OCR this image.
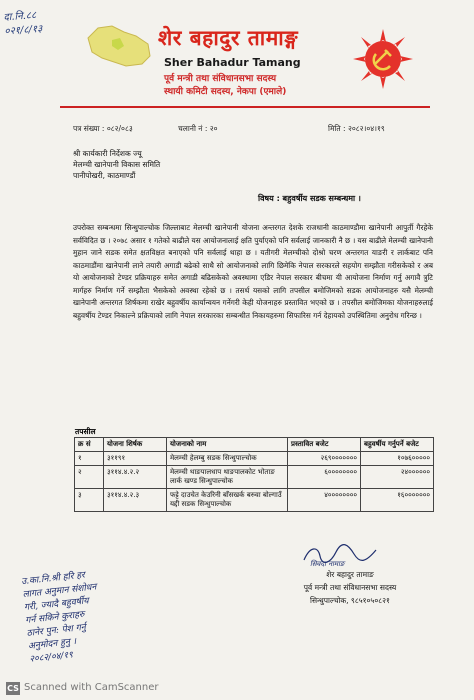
दा.नि.८८
०२१/८/१३	शेर बहादुर तामाङ्ग
Sher Bahadur Tamang
पूर्व मन्त्री तथा संविधानसभा सदस्य
स्थायी कमिटी सदस्य, नेकपा (एमाले)
पत्र संख्या : ०८२/०८३	चलानी नं : २०	मिति : २०८२।०४।१९
श्री कार्यकारी निर्देशक ज्यू
मेलम्ची खानेपानी विकास समिति
पानीपोखरी, काठमाण्डौं
विषय : बहुवर्षीय सडक सम्बन्धमा ।
उपरोक्त सम्बन्धमा सिन्धुपाल्चोक जिल्लाबाट मेलम्ची खानेपानी योजना अन्तरगत देशके राजधानी काठमाण्डौमा खानेपानी आपुर्ती गैरहेके सर्वविदित छ । २०७८ असार १ गतेको बाढीले यस आयोजनालाई क्षति पुर्याएको पनि सर्वलाई जानकारी नै छ । यस बाढीले मेलम्ची खानेपानी मुहान जाने सडक समेत क्षतविक्षत बनाएको पनि सर्वलाई थाहा छ । यतीगरी मेलम्चीको दोश्रो चरण अन्तरगत याङरी र लार्कबाट पनि काठमाडौंमा खानेपानी लाने तयारी अगाडी बढेको साथै सो आयोजनाको लागि छिमेकि नेपाल सरकारले सहयोग सम्झौता गरीसकेको र अब यो आयोजनाको टेण्डर प्रक्रियाहरु समेत अगाडी बढिसकेको अवस्थामा एडिर नेपाल सरकार बीचमा यी आयोजना निर्माण गर्नु अगावै त्रुटि मार्गहरु निर्माण गर्ने सम्झौता भैसकेको अवस्था रहेको छ । तसर्थ यसको लागि तपसील बमोजिमको सडक आयोजनाहरु यसै मेलम्ची खानेपानी अन्तरगत शिर्षकमा राखेर बहुवर्षीय कार्यान्वयन गर्नेगरी केही योजनाहरु प्रस्तावित भएको छ । तपसील बमोजिमका योजनाहरुलाई बहुवर्षीय टेण्डर निकाल्ने प्रक्रियाको लागि नेपाल सरकारका सम्बन्धीत निकायहरुमा सिफारिस गर्न देहायको उपस्थितिमा अनुरोध गरिन्छ ।
तपसील
क्र सं	योजना शिर्षक	योजनाको नाम	प्रस्तावित बजेट	बहुवर्षीय गर्नुपर्ने बजेट
१	३११९१	मेलम्ची हेलम्बु सडक सिन्धुपाल्चोक	२६९०००००००	१०७६०००००
२	३११४.४.२.२	मेलम्ची थाङपालधाप थाङपालकोट भोताङ लार्क खण्ड सिन्धुपाल्चोक	६००००००००	२४००००००
३	३११४.४.२.३	फट्टे दाउचेत केउरिनी बाँसखर्क बरुवा बोल्गाउँ यद्दी सडक सिन्धुपाल्चोक	४००००००००	१६०००००००
सिवदा नामाङ
शेर बहादुर तामाङ
पूर्व मन्त्री तथा संविधानसभा सदस्य
सिन्धुपाल्चोक, ९८५१०५०८२१
उ.का.नि.श्री हरि हर
लागत अनुमान संशोधन
गरी, ज्यादै बहुवर्षीय
गर्न सकिने कुराहरु
ठानेर पुन: पेश गर्नु
अनुमोदन हुनु ।
२०८२/०४/१९
CS Scanned with CamScanner
